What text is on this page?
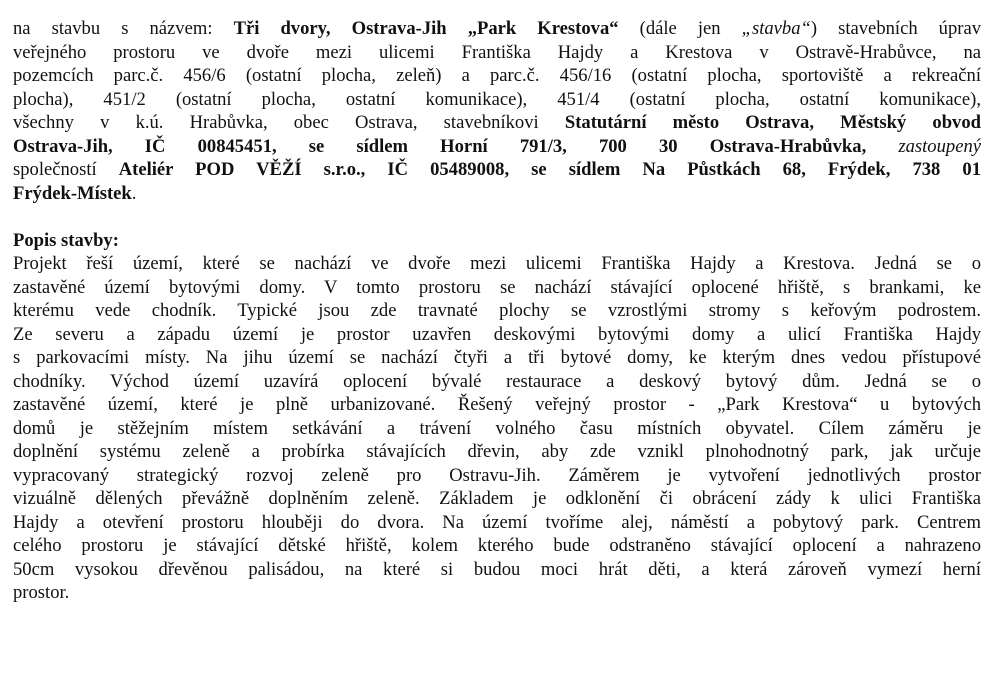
na stavbu s názvem: Tři dvory, Ostrava-Jih „Park Krestova“ (dále jen „stavba“) stavebních úprav
veřejného prostoru ve dvoře mezi ulicemi Františka Hajdy a Krestova v Ostravě-Hrabůvce, na
pozemcích parc.č. 456/6 (ostatní plocha, zeleň) a parc.č. 456/16 (ostatní plocha, sportoviště a rekreační
plocha), 451/2 (ostatní plocha, ostatní komunikace), 451/4 (ostatní plocha, ostatní komunikace),
všechny v k.ú. Hrabůvka, obec Ostrava, stavebníkovi Statutární město Ostrava, Městský obvod
Ostrava-Jih, IČ 00845451, se sídlem Horní 791/3, 700 30 Ostrava-Hrabůvka, zastoupený
společností Ateliér POD VĚŽÍ s.r.o., IČ 05489008, se sídlem Na Půstkách 68, Frýdek, 738 01
Frýdek-Místek.
Popis stavby:
Projekt řeší území, které se nachází ve dvoře mezi ulicemi Františka Hajdy a Krestova. Jedná se o
zastavěné území bytovými domy. V tomto prostoru se nachází stávající oplocené hřiště, s brankami, ke
kterému vede chodník. Typické jsou zde travnaté plochy se vzrostlými stromy s keřovým podrostem.
Ze severu a západu území je prostor uzavřen deskovými bytovými domy a ulicí Františka Hajdy
s parkovacími místy. Na jihu území se nachází čtyři a tři bytové domy, ke kterým dnes vedou přístupové
chodníky. Východ území uzavírá oplocení bývalé restaurace a deskový bytový dům. Jedná se o
zastavěné území, které je plně urbanizované. Řešený veřejný prostor - „Park Krestova“ u bytových
domů je stěžejním místem setkávání a trávení volného času místních obyvatel. Cílem záměru je
doplnění systému zeleně a probírka stávajících dřevin, aby zde vznikl plnohodnotný park, jak určuje
vypracovaný strategický rozvoj zeleně pro Ostravu-Jih. Záměrem je vytvoření jednotlivých prostor
vizuálně dělených převážně doplněním zeleně. Základem je odklonění či obrácení zády k ulici Františka
Hajdy a otevření prostoru hlouběji do dvora. Na území tvoříme alej, náměstí a pobytový park. Centrem
celého prostoru je stávající dětské hřiště, kolem kterého bude odstraněno stávající oplocení a nahrazeno
50cm vysokou dřevěnou palisádou, na které si budou moci hrát děti, a která zároveň vymezí herní
prostor.
